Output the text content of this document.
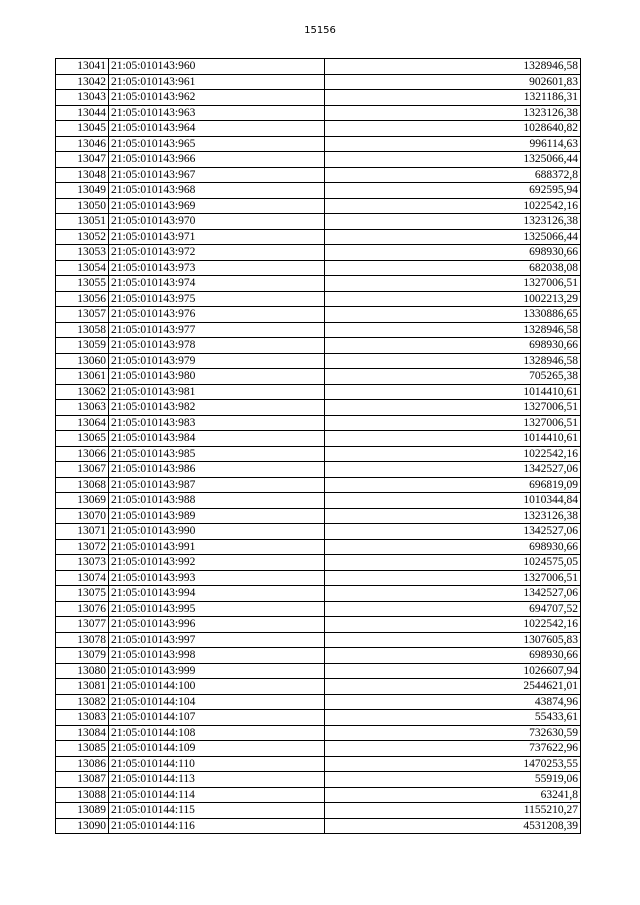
15156
13041	21:05:010143:960	1328946,58
13042	21:05:010143:961	902601,83
13043	21:05:010143:962	1321186,31
13044	21:05:010143:963	1323126,38
13045	21:05:010143:964	1028640,82
13046	21:05:010143:965	996114,63
13047	21:05:010143:966	1325066,44
13048	21:05:010143:967	688372,8
13049	21:05:010143:968	692595,94
13050	21:05:010143:969	1022542,16
13051	21:05:010143:970	1323126,38
13052	21:05:010143:971	1325066,44
13053	21:05:010143:972	698930,66
13054	21:05:010143:973	682038,08
13055	21:05:010143:974	1327006,51
13056	21:05:010143:975	1002213,29
13057	21:05:010143:976	1330886,65
13058	21:05:010143:977	1328946,58
13059	21:05:010143:978	698930,66
13060	21:05:010143:979	1328946,58
13061	21:05:010143:980	705265,38
13062	21:05:010143:981	1014410,61
13063	21:05:010143:982	1327006,51
13064	21:05:010143:983	1327006,51
13065	21:05:010143:984	1014410,61
13066	21:05:010143:985	1022542,16
13067	21:05:010143:986	1342527,06
13068	21:05:010143:987	696819,09
13069	21:05:010143:988	1010344,84
13070	21:05:010143:989	1323126,38
13071	21:05:010143:990	1342527,06
13072	21:05:010143:991	698930,66
13073	21:05:010143:992	1024575,05
13074	21:05:010143:993	1327006,51
13075	21:05:010143:994	1342527,06
13076	21:05:010143:995	694707,52
13077	21:05:010143:996	1022542,16
13078	21:05:010143:997	1307605,83
13079	21:05:010143:998	698930,66
13080	21:05:010143:999	1026607,94
13081	21:05:010144:100	2544621,01
13082	21:05:010144:104	43874,96
13083	21:05:010144:107	55433,61
13084	21:05:010144:108	732630,59
13085	21:05:010144:109	737622,96
13086	21:05:010144:110	1470253,55
13087	21:05:010144:113	55919,06
13088	21:05:010144:114	63241,8
13089	21:05:010144:115	1155210,27
13090	21:05:010144:116	4531208,39
